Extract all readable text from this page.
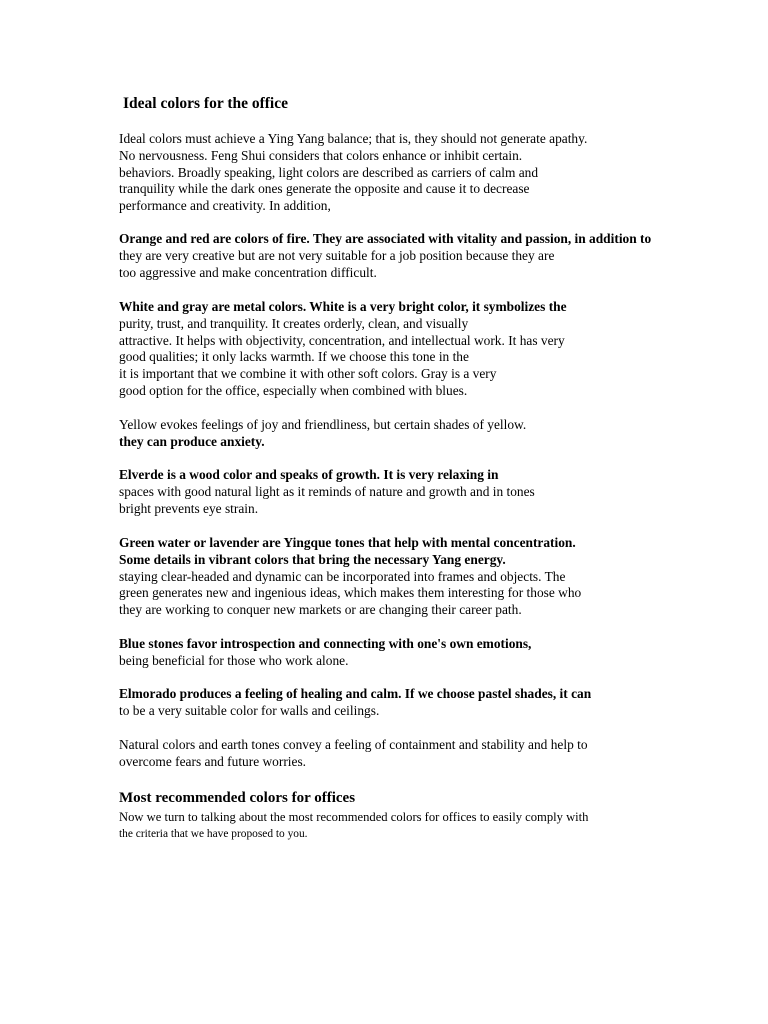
Ideal colors for the office
Ideal colors must achieve a Ying Yang balance; that is, they should not generate apathy.
No nervousness. Feng Shui considers that colors enhance or inhibit certain.
behaviors. Broadly speaking, light colors are described as carriers of calm and
tranquility while the dark ones generate the opposite and cause it to decrease
performance and creativity. In addition,
Orange and red are colors of fire. They are associated with vitality and passion, in addition to
they are very creative but are not very suitable for a job position because they are
too aggressive and make concentration difficult.
White and gray are metal colors. White is a very bright color, it symbolizes the
purity, trust, and tranquility. It creates orderly, clean, and visually
attractive. It helps with objectivity, concentration, and intellectual work. It has very
good qualities; it only lacks warmth. If we choose this tone in the
it is important that we combine it with other soft colors. Gray is a very
good option for the office, especially when combined with blues.
Yellow evokes feelings of joy and friendliness, but certain shades of yellow.
they can produce anxiety.
Elverde is a wood color and speaks of growth. It is very relaxing in
spaces with good natural light as it reminds of nature and growth and in tones
bright prevents eye strain.
Green water or lavender are Yingque tones that help with mental concentration.
Some details in vibrant colors that bring the necessary Yang energy.
staying clear-headed and dynamic can be incorporated into frames and objects. The
green generates new and ingenious ideas, which makes them interesting for those who
they are working to conquer new markets or are changing their career path.
Blue stones favor introspection and connecting with one's own emotions,
being beneficial for those who work alone.
Elmorado produces a feeling of healing and calm. If we choose pastel shades, it can
to be a very suitable color for walls and ceilings.
Natural colors and earth tones convey a feeling of containment and stability and help to
overcome fears and future worries.
Most recommended colors for offices
Now we turn to talking about the most recommended colors for offices to easily comply with
the criteria that we have proposed to you.
